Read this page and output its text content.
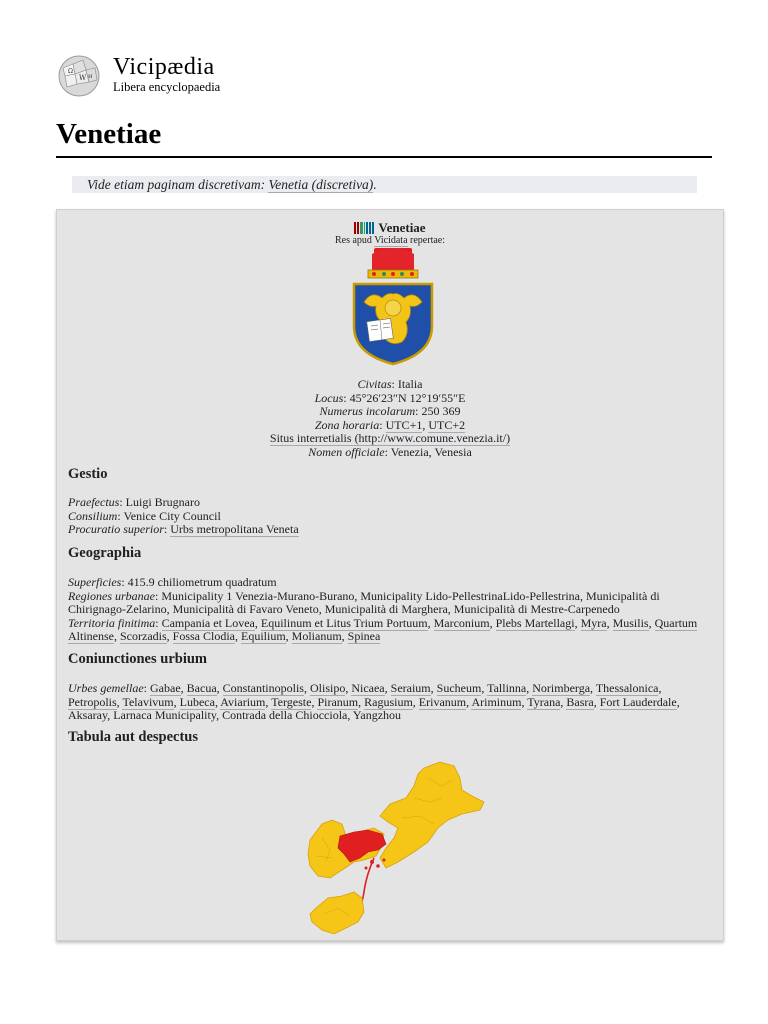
Ω
W И Vicipædia
Libera encyclopaedia
Venetiae
Vide etiam paginam discretivam: Venetia (discretiva).
Venetiae
Res apud Vicidata repertae:
Civitas: Italia
Locus: 45°26′23″N 12°19′55″E
Numerus incolarum: 250 369
Zona horaria: UTC+1, UTC+2
Situs interretialis (http://www.comune.venezia.it/)
Nomen officiale: Venezia, Venesia
Gestio
Praefectus: Luigi Brugnaro
Consilium: Venice City Council
Procuratio superior: Urbs metropolitana Veneta
Geographia
Superficies: 415.9 chiliometrum quadratum
Regiones urbanae: Municipality 1 Venezia-Murano-Burano, Municipality Lido-PellestrinaLido-Pellestrina, Municipalità di Chirignago-Zelarino, Municipalità di Favaro Veneto, Municipalità di Marghera, Municipalità di Mestre-Carpenedo
Territoria finitima: Campania et Lovea, Equilinum et Litus Trium Portuum, Marconium, Plebs Martellagi, Myra, Musilis, Quartum Altinense, Scorzadis, Fossa Clodia, Equilium, Molianum, Spinea
Coniunctiones urbium
Urbes gemellae: Gabae, Bacua, Constantinopolis, Olisipo, Nicaea, Seraium, Sucheum, Tallinna, Norimberga, Thessalonica, Petropolis, Telavivum, Lubeca, Aviarium, Tergeste, Piranum, Ragusium, Erivanum, Ariminum, Tyrana, Basra, Fort Lauderdale, Aksaray, Larnaca Municipality, Contrada della Chiocciola, Yangzhou
Tabula aut despectus
